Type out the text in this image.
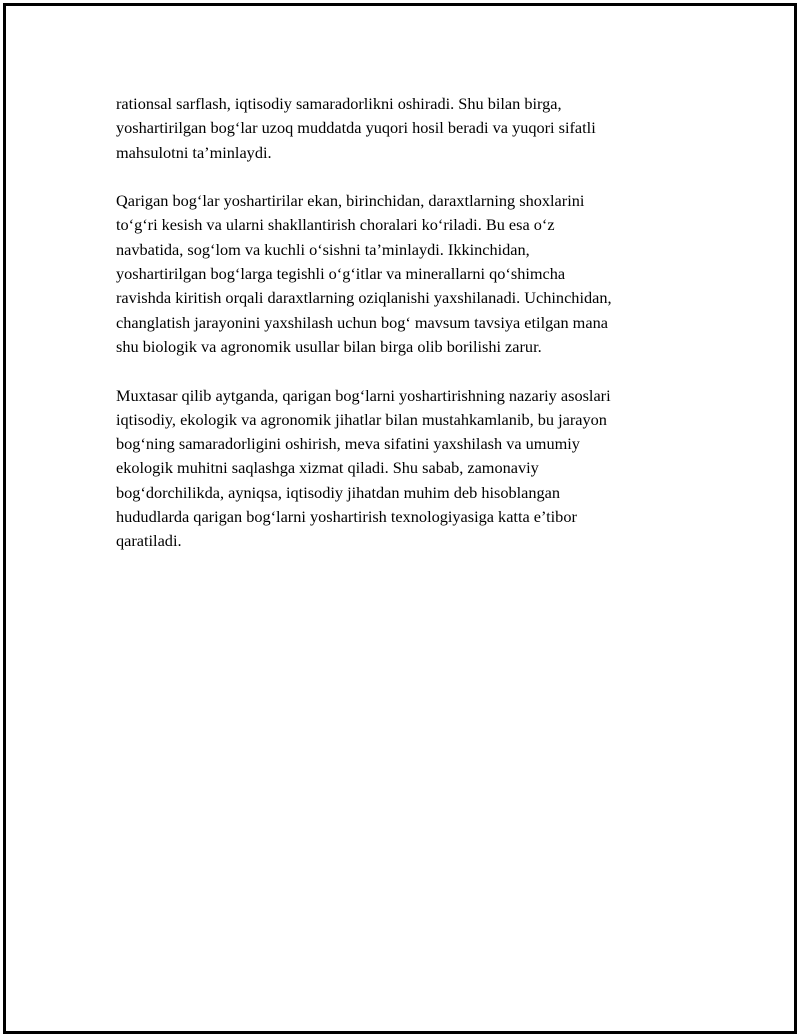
rationsal sarflash, iqtisodiy samaradorlikni oshiradi. Shu bilan birga,
yoshartirilgan bog‘lar uzoq muddatda yuqori hosil beradi va yuqori sifatli
mahsulotni ta’minlaydi.
Qarigan bog‘lar yoshartirilar ekan, birinchidan, daraxtlarning shoxlarini
to‘g‘ri kesish va ularni shakllantirish choralari ko‘riladi. Bu esa o‘z
navbatida, sog‘lom va kuchli o‘sishni ta’minlaydi. Ikkinchidan,
yoshartirilgan bog‘larga tegishli o‘g‘itlar va minerallarni qo‘shimcha
ravishda kiritish orqali daraxtlarning oziqlanishi yaxshilanadi. Uchinchidan,
changlatish jarayonini yaxshilash uchun bog‘ mavsum tavsiya etilgan mana
shu biologik va agronomik usullar bilan birga olib borilishi zarur.
Muxtasar qilib aytganda, qarigan bog‘larni yoshartirishning nazariy asoslari
iqtisodiy, ekologik va agronomik jihatlar bilan mustahkamlanib, bu jarayon
bog‘ning samaradorligini oshirish, meva sifatini yaxshilash va umumiy
ekologik muhitni saqlashga xizmat qiladi. Shu sabab, zamonaviy
bog‘dorchilikda, ayniqsa, iqtisodiy jihatdan muhim deb hisoblangan
hududlarda qarigan bog‘larni yoshartirish texnologiyasiga katta e’tibor
qaratiladi.
